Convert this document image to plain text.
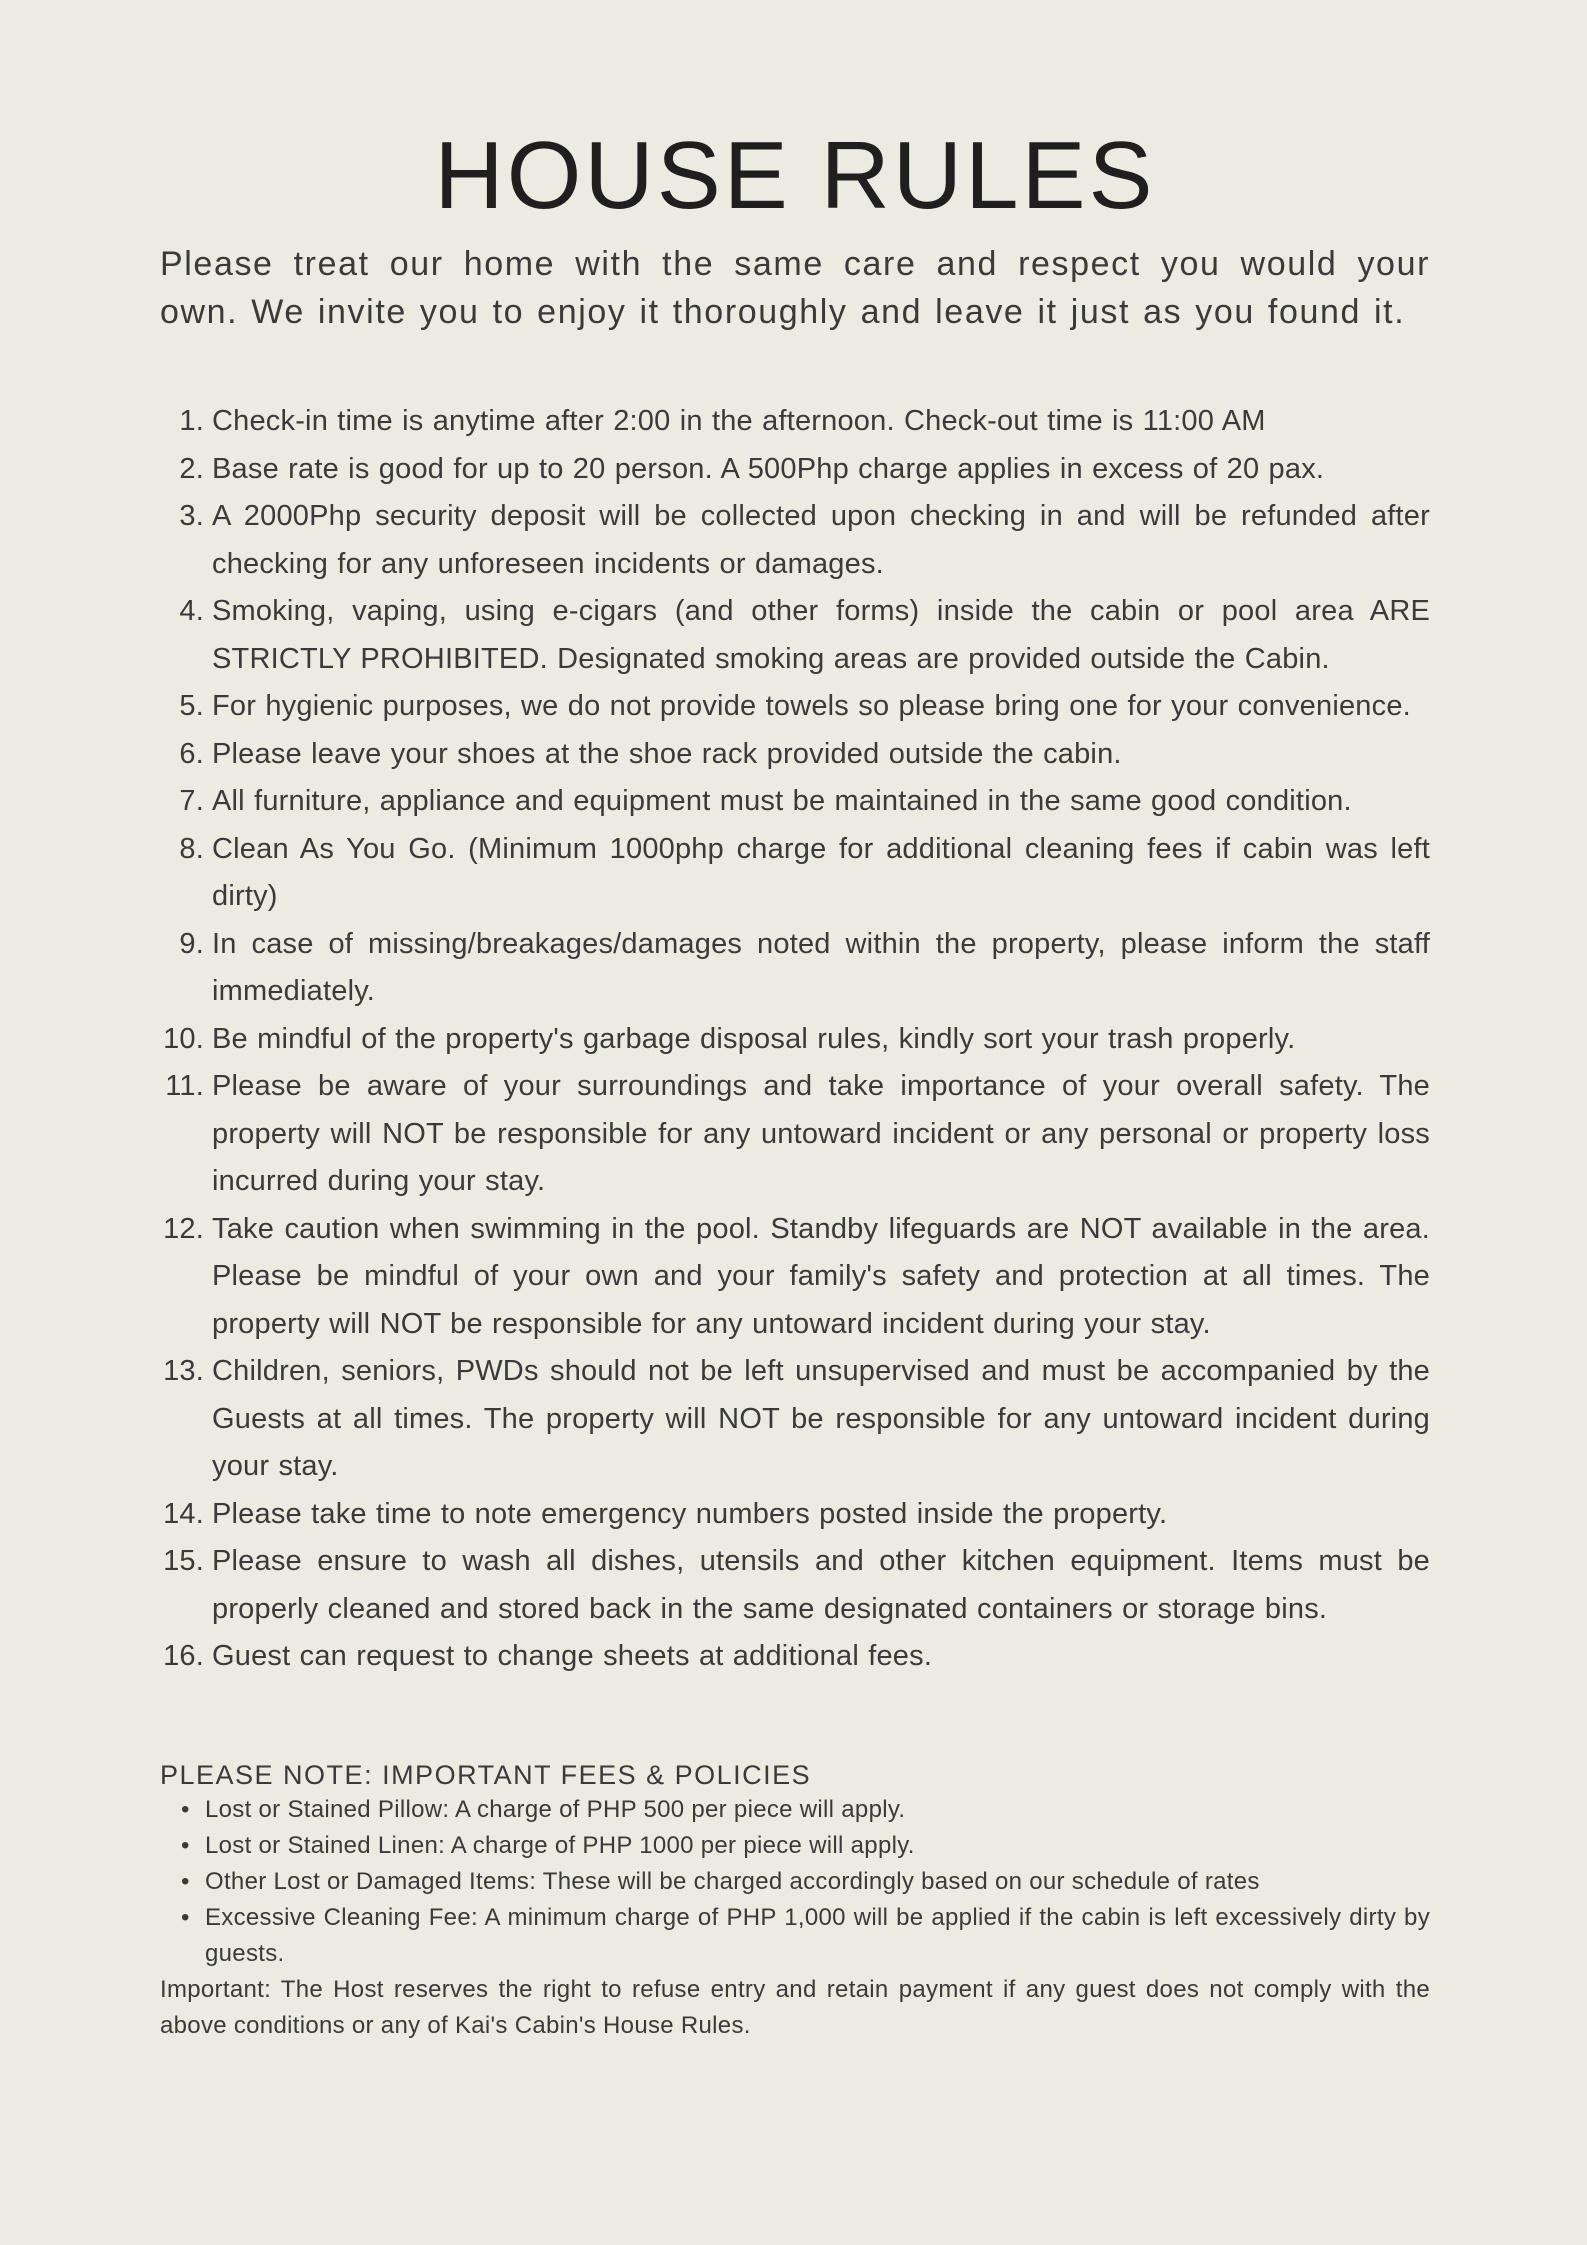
HOUSE RULES

Please treat our home with the same care and respect you would your own. We invite you to enjoy it thoroughly and leave it just as you found it.

Check-in time is anytime after 2:00 in the afternoon. Check-out time is 11:00 AM
Base rate is good for up to 20 person. A 500Php charge applies in excess of 20 pax.
A 2000Php security deposit will be collected upon checking in and will be refunded after checking for any unforeseen incidents or damages.
Smoking, vaping, using e-cigars (and other forms) inside the cabin or pool area ARE STRICTLY PROHIBITED. Designated smoking areas are provided outside the Cabin.
For hygienic purposes, we do not provide towels so please bring one for your convenience.
Please leave your shoes at the shoe rack provided outside the cabin.
All furniture, appliance and equipment must be maintained in the same good condition.
Clean As You Go. (Minimum 1000php charge for additional cleaning fees if cabin was left dirty)
In case of missing/breakages/damages noted within the property, please inform the staff immediately.
Be mindful of the property's garbage disposal rules, kindly sort your trash properly.
Please be aware of your surroundings and take importance of your overall safety. The property will NOT be responsible for any untoward incident or any personal or property loss incurred during your stay.
Take caution when swimming in the pool. Standby lifeguards are NOT available in the area. Please be mindful of your own and your family's safety and protection at all times. The property will NOT be responsible for any untoward incident during your stay.
Children, seniors, PWDs should not be left unsupervised and must be accompanied by the Guests at all times. The property will NOT be responsible for any untoward incident during your stay.
Please take time to note emergency numbers posted inside the property.
Please ensure to wash all dishes, utensils and other kitchen equipment. Items must be properly cleaned and stored back in the same designated containers or storage bins.
Guest can request to change sheets at additional fees.
PLEASE NOTE: IMPORTANT FEES & POLICIES
• Lost or Stained Pillow: A charge of PHP 500 per piece will apply.
• Lost or Stained Linen: A charge of PHP 1000 per piece will apply.
• Other Lost or Damaged Items: These will be charged accordingly based on our schedule of rates
• Excessive Cleaning Fee: A minimum charge of PHP 1,000 will be applied if the cabin is left excessively dirty by guests.

Important: The Host reserves the right to refuse entry and retain payment if any guest does not comply with the above conditions or any of Kai's Cabin's House Rules.
